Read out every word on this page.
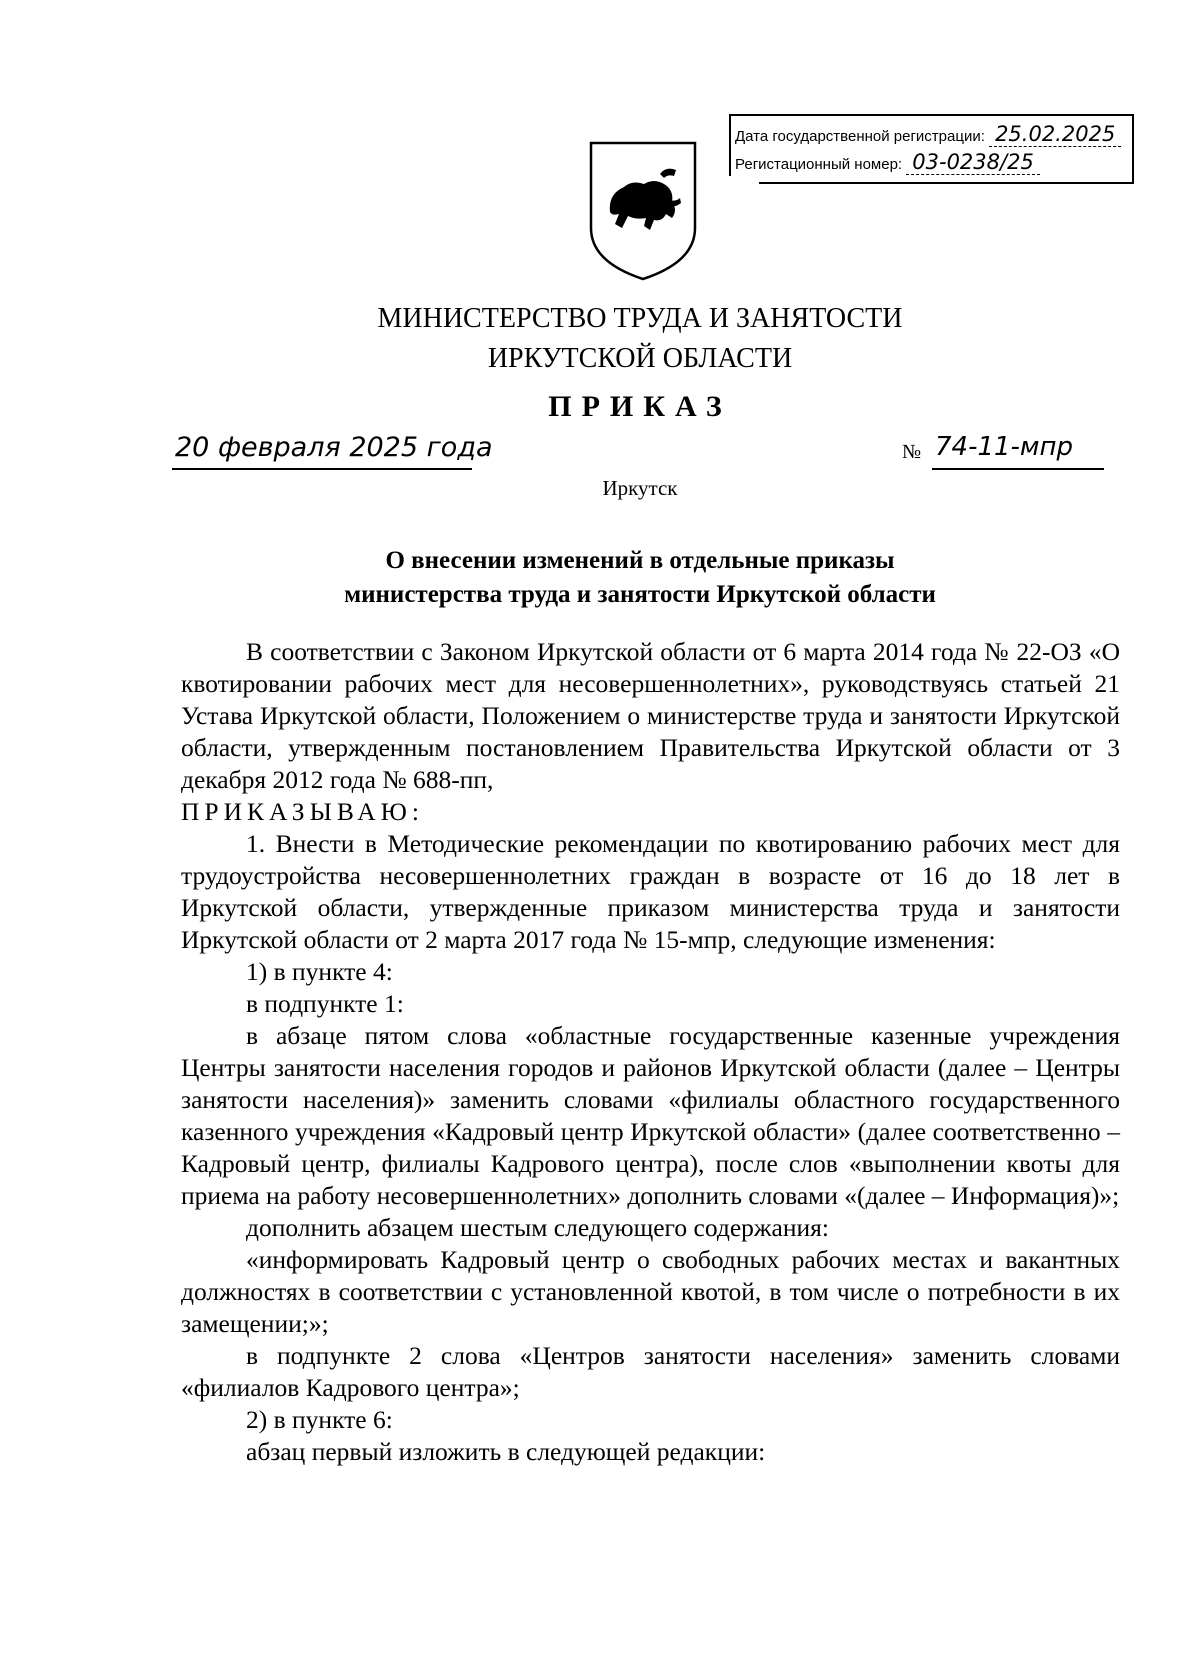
Дата государственной регистрации: 25.02.2025
Регистационный номер: 03-0238/25
МИНИСТЕРСТВО ТРУДА И ЗАНЯТОСТИ
ИРКУТСКОЙ ОБЛАСТИ
ПРИКАЗ
20 февраля 2025 года	№ 74-11-мпр
Иркутск
О внесении изменений в отдельные приказы
министерства труда и занятости Иркутской области

В соответствии с Законом Иркутской области от 6 марта 2014 года № 22-ОЗ «О квотировании рабочих мест для несовершеннолетних», руководствуясь статьей 21 Устава Иркутской области, Положением о министерстве труда и занятости Иркутской области, утвержденным постановлением Правительства Иркутской области от 3 декабря 2012 года № 688-пп,

ПРИКАЗЫВАЮ:

1. Внести в Методические рекомендации по квотированию рабочих мест для трудоустройства несовершеннолетних граждан в возрасте от 16 до 18 лет в Иркутской области, утвержденные приказом министерства труда и занятости Иркутской области от 2 марта 2017 года № 15-мпр, следующие изменения:

1) в пункте 4:

в подпункте 1:

в абзаце пятом слова «областные государственные казенные учреждения Центры занятости населения городов и районов Иркутской области (далее – Центры занятости населения)» заменить словами «филиалы областного государственного казенного учреждения «Кадровый центр Иркутской области» (далее соответственно – Кадровый центр, филиалы Кадрового центра), после слов «выполнении квоты для приема на работу несовершеннолетних» дополнить словами «(далее – Информация)»;

дополнить абзацем шестым следующего содержания:

«информировать Кадровый центр о свободных рабочих местах и вакантных должностях в соответствии с установленной квотой, в том числе о потребности в их замещении;»;

в подпункте 2 слова «Центров занятости населения» заменить словами «филиалов Кадрового центра»;

2) в пункте 6:

абзац первый изложить в следующей редакции:
